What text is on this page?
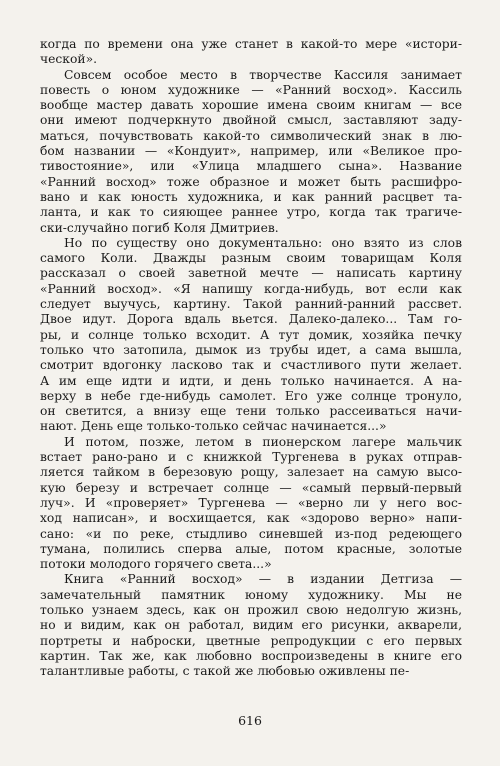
когда по времени она уже станет в какой-то мере «истори-
ческой».
Совсем особое место в творчестве Кассиля занимает
повесть о юном художнике — «Ранний восход». Кассиль
вообще мастер давать хорошие имена своим книгам — все
они имеют подчеркнуто двойной смысл, заставляют заду-
маться, почувствовать какой-то символический знак в лю-
бом названии — «Кондуит», например, или «Великое про-
тивостояние», или «Улица младшего сына». Название
«Ранний восход» тоже образное и может быть расшифро-
вано и как юность художника, и как ранний расцвет та-
ланта, и как то сияющее раннее утро, когда так трагиче-
ски-случайно погиб Коля Дмитриев.
Но по существу оно документально: оно взято из слов
самого Коли. Дважды разным своим товарищам Коля
рассказал о своей заветной мечте — написать картину
«Ранний восход». «Я напишу когда-нибудь, вот если как
следует выучусь, картину. Такой ранний-ранний рассвет.
Двое идут. Дорога вдаль вьется. Далеко-далеко... Там го-
ры, и солнце только всходит. А тут домик, хозяйка печку
только что затопила, дымок из трубы идет, а сама вышла,
смотрит вдогонку ласково так и счастливого пути желает.
А им еще идти и идти, и день только начинается. А на-
верху в небе где-нибудь самолет. Его уже солнце тронуло,
он светится, а внизу еще тени только рассеиваться начи-
нают. День еще только-только сейчас начинается...»
И потом, позже, летом в пионерском лагере мальчик
встает рано-рано и с книжкой Тургенева в руках отправ-
ляется тайком в березовую рощу, залезает на самую высо-
кую березу и встречает солнце — «самый первый-первый
луч». И «проверяет» Тургенева — «верно ли у него вос-
ход написан», и восхищается, как «здорово верно» напи-
сано: «и по реке, стыдливо синевшей из-под редеющего
тумана, полились сперва алые, потом красные, золотые
потоки молодого горячего света...»
Книга «Ранний восход» — в издании Детгиза —
замечательный памятник юному художнику. Мы не
только узнаем здесь, как он прожил свою недолгую жизнь,
но и видим, как он работал, видим его рисунки, акварели,
портреты и наброски, цветные репродукции с его первых
картин. Так же, как любовно воспроизведены в книге его
талантливые работы, с такой же любовью оживлены пе-
616
